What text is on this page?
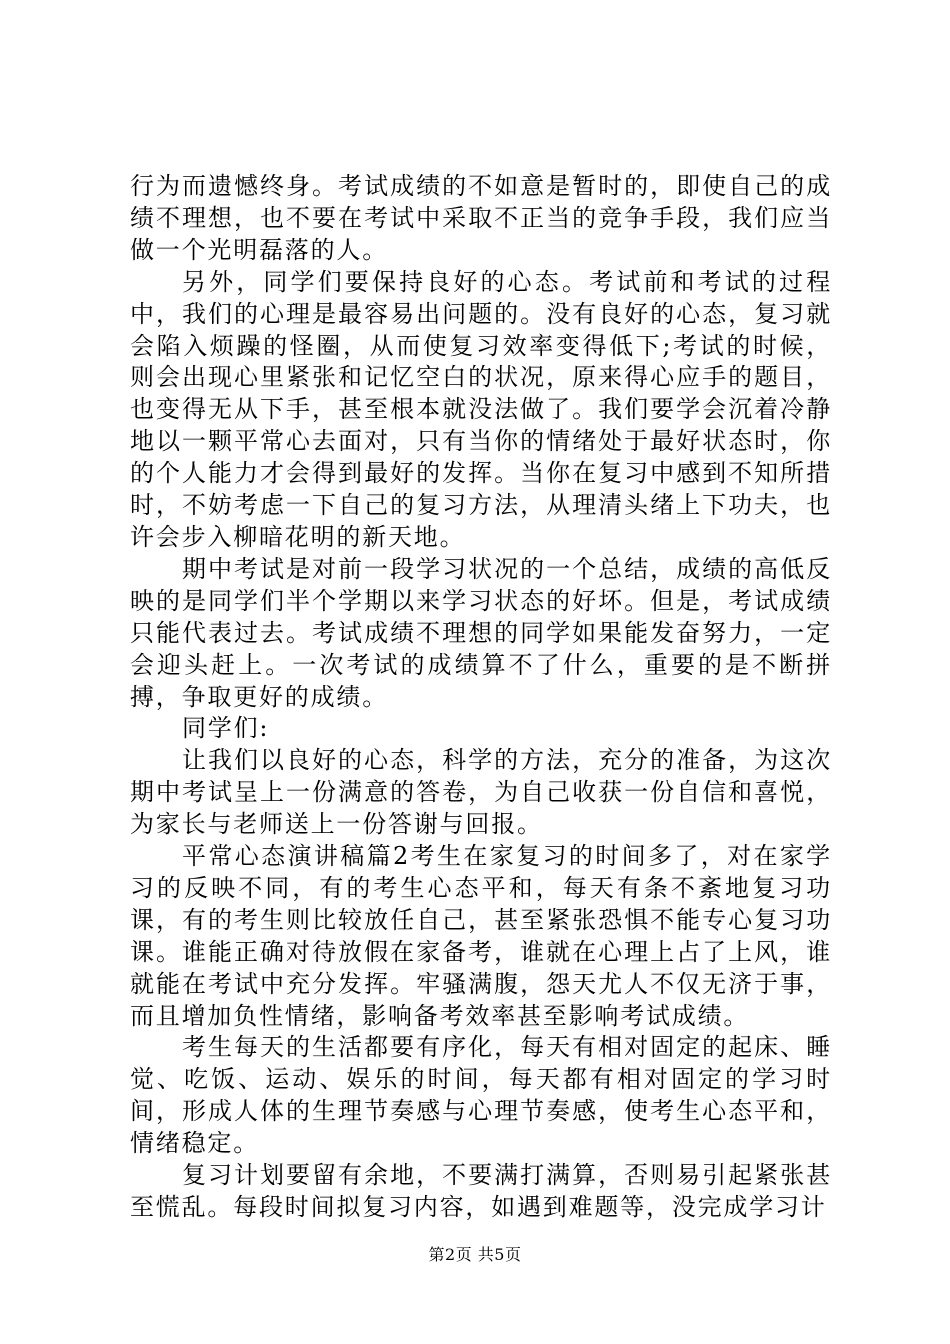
行为而遗憾终身。考试成绩的不如意是暂时的，即使自己的成绩不理想，也不要在考试中采取不正当的竞争手段，我们应当做一个光明磊落的人。

另外，同学们要保持良好的心态。考试前和考试的过程中，我们的心理是最容易出问题的。没有良好的心态，复习就会陷入烦躁的怪圈，从而使复习效率变得低下;考试的时候，则会出现心里紧张和记忆空白的状况，原来得心应手的题目，也变得无从下手，甚至根本就没法做了。我们要学会沉着冷静地以一颗平常心去面对，只有当你的情绪处于最好状态时，你的个人能力才会得到最好的发挥。当你在复习中感到不知所措时，不妨考虑一下自己的复习方法，从理清头绪上下功夫，也许会步入柳暗花明的新天地。

期中考试是对前一段学习状况的一个总结，成绩的高低反映的是同学们半个学期以来学习状态的好坏。但是，考试成绩只能代表过去。考试成绩不理想的同学如果能发奋努力，一定会迎头赶上。一次考试的成绩算不了什么，重要的是不断拼搏，争取更好的成绩。

同学们:

让我们以良好的心态，科学的方法，充分的准备，为这次期中考试呈上一份满意的答卷，为自己收获一份自信和喜悦，为家长与老师送上一份答谢与回报。

平常心态演讲稿篇2考生在家复习的时间多了，对在家学习的反映不同，有的考生心态平和，每天有条不紊地复习功课，有的考生则比较放任自己，甚至紧张恐惧不能专心复习功课。谁能正确对待放假在家备考，谁就在心理上占了上风，谁就能在考试中充分发挥。牢骚满腹，怨天尤人不仅无济于事，而且增加负性情绪，影响备考效率甚至影响考试成绩。

考生每天的生活都要有序化，每天有相对固定的起床、睡觉、吃饭、运动、娱乐的时间，每天都有相对固定的学习时间，形成人体的生理节奏感与心理节奏感，使考生心态平和，情绪稳定。

复习计划要留有余地，不要满打满算，否则易引起紧张甚至慌乱。每段时间拟复习内容，如遇到难题等，没完成学习计

第2页 共5页
